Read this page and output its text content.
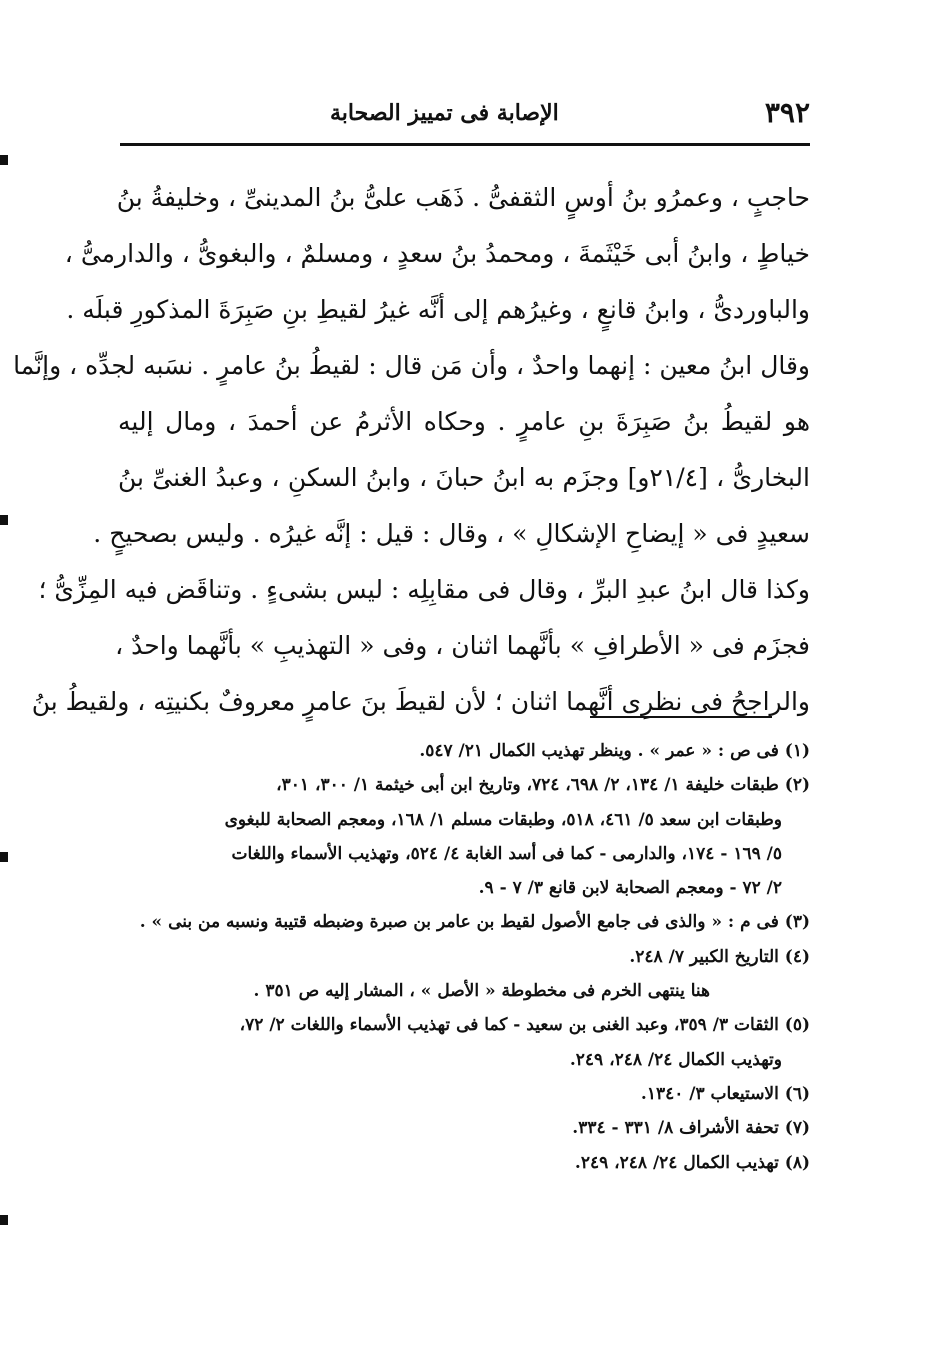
٣٩٢
الإصابة فى تمييز الصحابة
حاجبٍ ، وعمرُو بنُ أوسٍ الثقفىُّ . ذَهَب علىُّ بنُ المدينىِّ ، وخليفةُ بنُ
خياطٍ ، وابنُ أبى خَيْثَمةَ ، ومحمدُ بنُ سعدٍ ، ومسلمٌ ، والبغوىُّ ، والدارمىُّ ،
والباوردىُّ ، وابنُ قانعٍ ، وغيرُهم إلى أنَّه غيرُ لقيطِ بنِ صَبِرَةَ المذكورِ قبلَه .
وقال ابنُ معين : إنهما واحدٌ ، وأن مَن قال : لقيطُ بنُ عامرٍ . نسَبه لجدِّه ، وإنَّما
هو لقيطُ بنُ صَبِرَةَ بنِ عامرٍ . وحكاه الأثرمُ عن أحمدَ ، ومال إليه
البخارىُّ ، [٢١/٤و] وجزَم به ابنُ حبانَ ، وابنُ السكنِ ، وعبدُ الغنىِّ بنُ
سعيدٍ فى « إيضاحِ الإشكالِ » ، وقال : قيل : إنَّه غيرُه . وليس بصحيحٍ .
وكذا قال ابنُ عبدِ البرِّ ، وقال فى مقابِلِه : ليس بشىءٍ . وتناقَض فيه المِزِّىُّ ؛
فجزَم فى « الأطرافِ » بأنَّهما اثنان ، وفى « التهذيبِ » بأنَّهما واحدٌ ،
والراجحُ فى نظرِى أنَّهما اثنان ؛ لأن لقيطَ بنَ عامرٍ معروفٌ بكنيتِه ، ولقيطُ بنُ
(١) فى ص : « عمر » . وينظر تهذيب الكمال ٢١/ ٥٤٧.
(٢) طبقات خليفة ١/ ١٣٤، ٢/ ٦٩٨، ٧٢٤، وتاريخ ابن أبى خيثمة ١/ ٣٠٠، ٣٠١،
وطبقات ابن سعد ٥/ ٤٦١، ٥١٨، وطبقات مسلم ١/ ١٦٨، ومعجم الصحابة للبغوى
٥/ ١٦٩ - ١٧٤، والدارمى - كما فى أسد الغابة ٤/ ٥٢٤، وتهذيب الأسماء واللغات
٢/ ٧٢ - ومعجم الصحابة لابن قانع ٣/ ٧ - ٩.
(٣) فى م : « والذى فى جامع الأصول لقيط بن عامر بن صبرة وضبطه قتيبة ونسبه من بنى » .
(٤) التاريخ الكبير ٧/ ٢٤٨.
هنا ينتهى الخرم فى مخطوطة « الأصل » ، المشار إليه ص ٣٥١ .
(٥) الثقات ٣/ ٣٥٩، وعبد الغنى بن سعيد - كما فى تهذيب الأسماء واللغات ٢/ ٧٢،
وتهذيب الكمال ٢٤/ ٢٤٨، ٢٤٩.
(٦) الاستيعاب ٣/ ١٣٤٠.
(٧) تحفة الأشراف ٨/ ٣٣١ - ٣٣٤.
(٨) تهذيب الكمال ٢٤/ ٢٤٨، ٢٤٩.
